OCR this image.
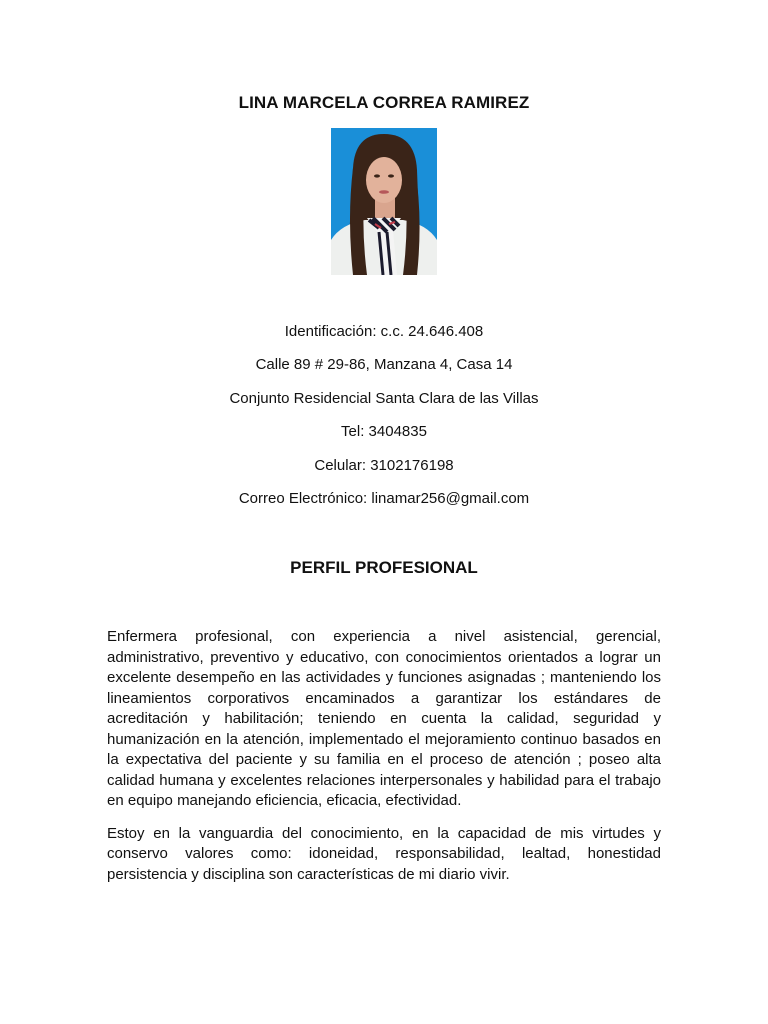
LINA MARCELA CORREA RAMIREZ
Identificación: c.c. 24.646.408
Calle 89 # 29-86, Manzana 4, Casa 14
Conjunto Residencial Santa Clara de las Villas
Tel: 3404835
Celular: 3102176198
Correo Electrónico: linamar256@gmail.com
PERFIL PROFESIONAL

Enfermera profesional, con experiencia a nivel asistencial, gerencial, administrativo, preventivo y educativo, con conocimientos orientados a lograr un excelente desempeño en las actividades y funciones asignadas ; manteniendo los lineamientos corporativos encaminados a garantizar los estándares de acreditación y habilitación; teniendo en cuenta la calidad, seguridad y humanización en la atención, implementado el mejoramiento continuo basados en la expectativa del paciente y su familia en el proceso de atención ; poseo alta calidad humana y excelentes relaciones interpersonales y habilidad para el trabajo en equipo manejando eficiencia, eficacia, efectividad.

Estoy en la vanguardia del conocimiento, en la capacidad de mis virtudes y conservo valores como: idoneidad, responsabilidad, lealtad, honestidad persistencia y disciplina son características de mi diario vivir.
